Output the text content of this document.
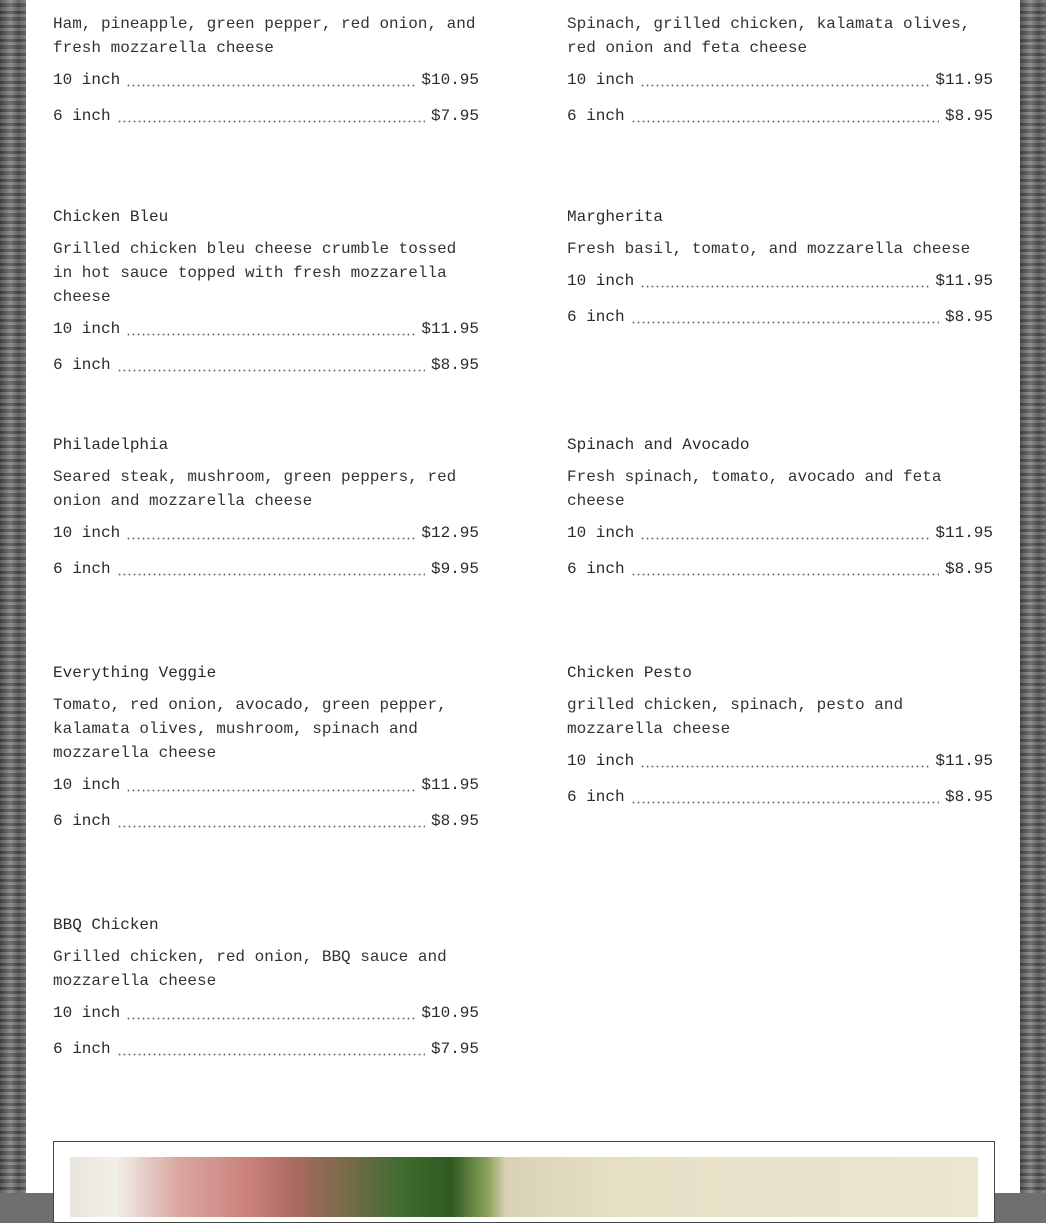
Ham, pineapple, green pepper, red onion, and fresh mozzarella cheese

10 inch	$10.95
6 inch	$7.95

Spinach, grilled chicken, kalamata olives, red onion and feta cheese

10 inch	$11.95
6 inch	$8.95

Chicken Bleu

Grilled chicken bleu cheese crumble tossed in hot sauce topped with fresh mozzarella cheese

10 inch	$11.95
6 inch	$8.95

Margherita

Fresh basil, tomato, and mozzarella cheese

10 inch	$11.95
6 inch	$8.95

Philadelphia

Seared steak, mushroom, green peppers, red onion and mozzarella cheese

10 inch	$12.95
6 inch	$9.95

Spinach and Avocado

Fresh spinach, tomato, avocado and feta cheese

10 inch	$11.95
6 inch	$8.95

Everything Veggie

Tomato, red onion, avocado, green pepper, kalamata olives, mushroom, spinach and mozzarella cheese

10 inch	$11.95
6 inch	$8.95

Chicken Pesto

grilled chicken, spinach, pesto and mozzarella cheese

10 inch	$11.95
6 inch	$8.95

BBQ Chicken

Grilled chicken, red onion, BBQ sauce and mozzarella cheese

10 inch	$10.95
6 inch	$7.95
